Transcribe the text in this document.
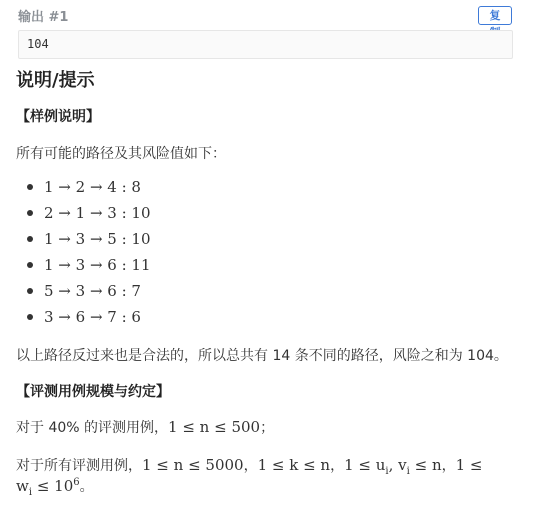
输出 #1	复
104
说明/提示
【样例说明】
所有可能的路径及其风险值如下：
1 → 2 → 4 : 8
2 → 1 → 3 : 10
1 → 3 → 5 : 10
1 → 3 → 6 : 11
5 → 3 → 6 : 7
3 → 6 → 7 : 6
以上路径反过来也是合法的，所以总共有 14 条不同的路径，风险之和为 104。
【评测用例规模与约定】
对于 40% 的评测用例，1 ≤ n ≤ 500；
对于所有评测用例，1 ≤ n ≤ 5000，1 ≤ k ≤ n，$1 \le u_i$, $v_i \le n$，1 ≤
$w_i \le 10^6$。
